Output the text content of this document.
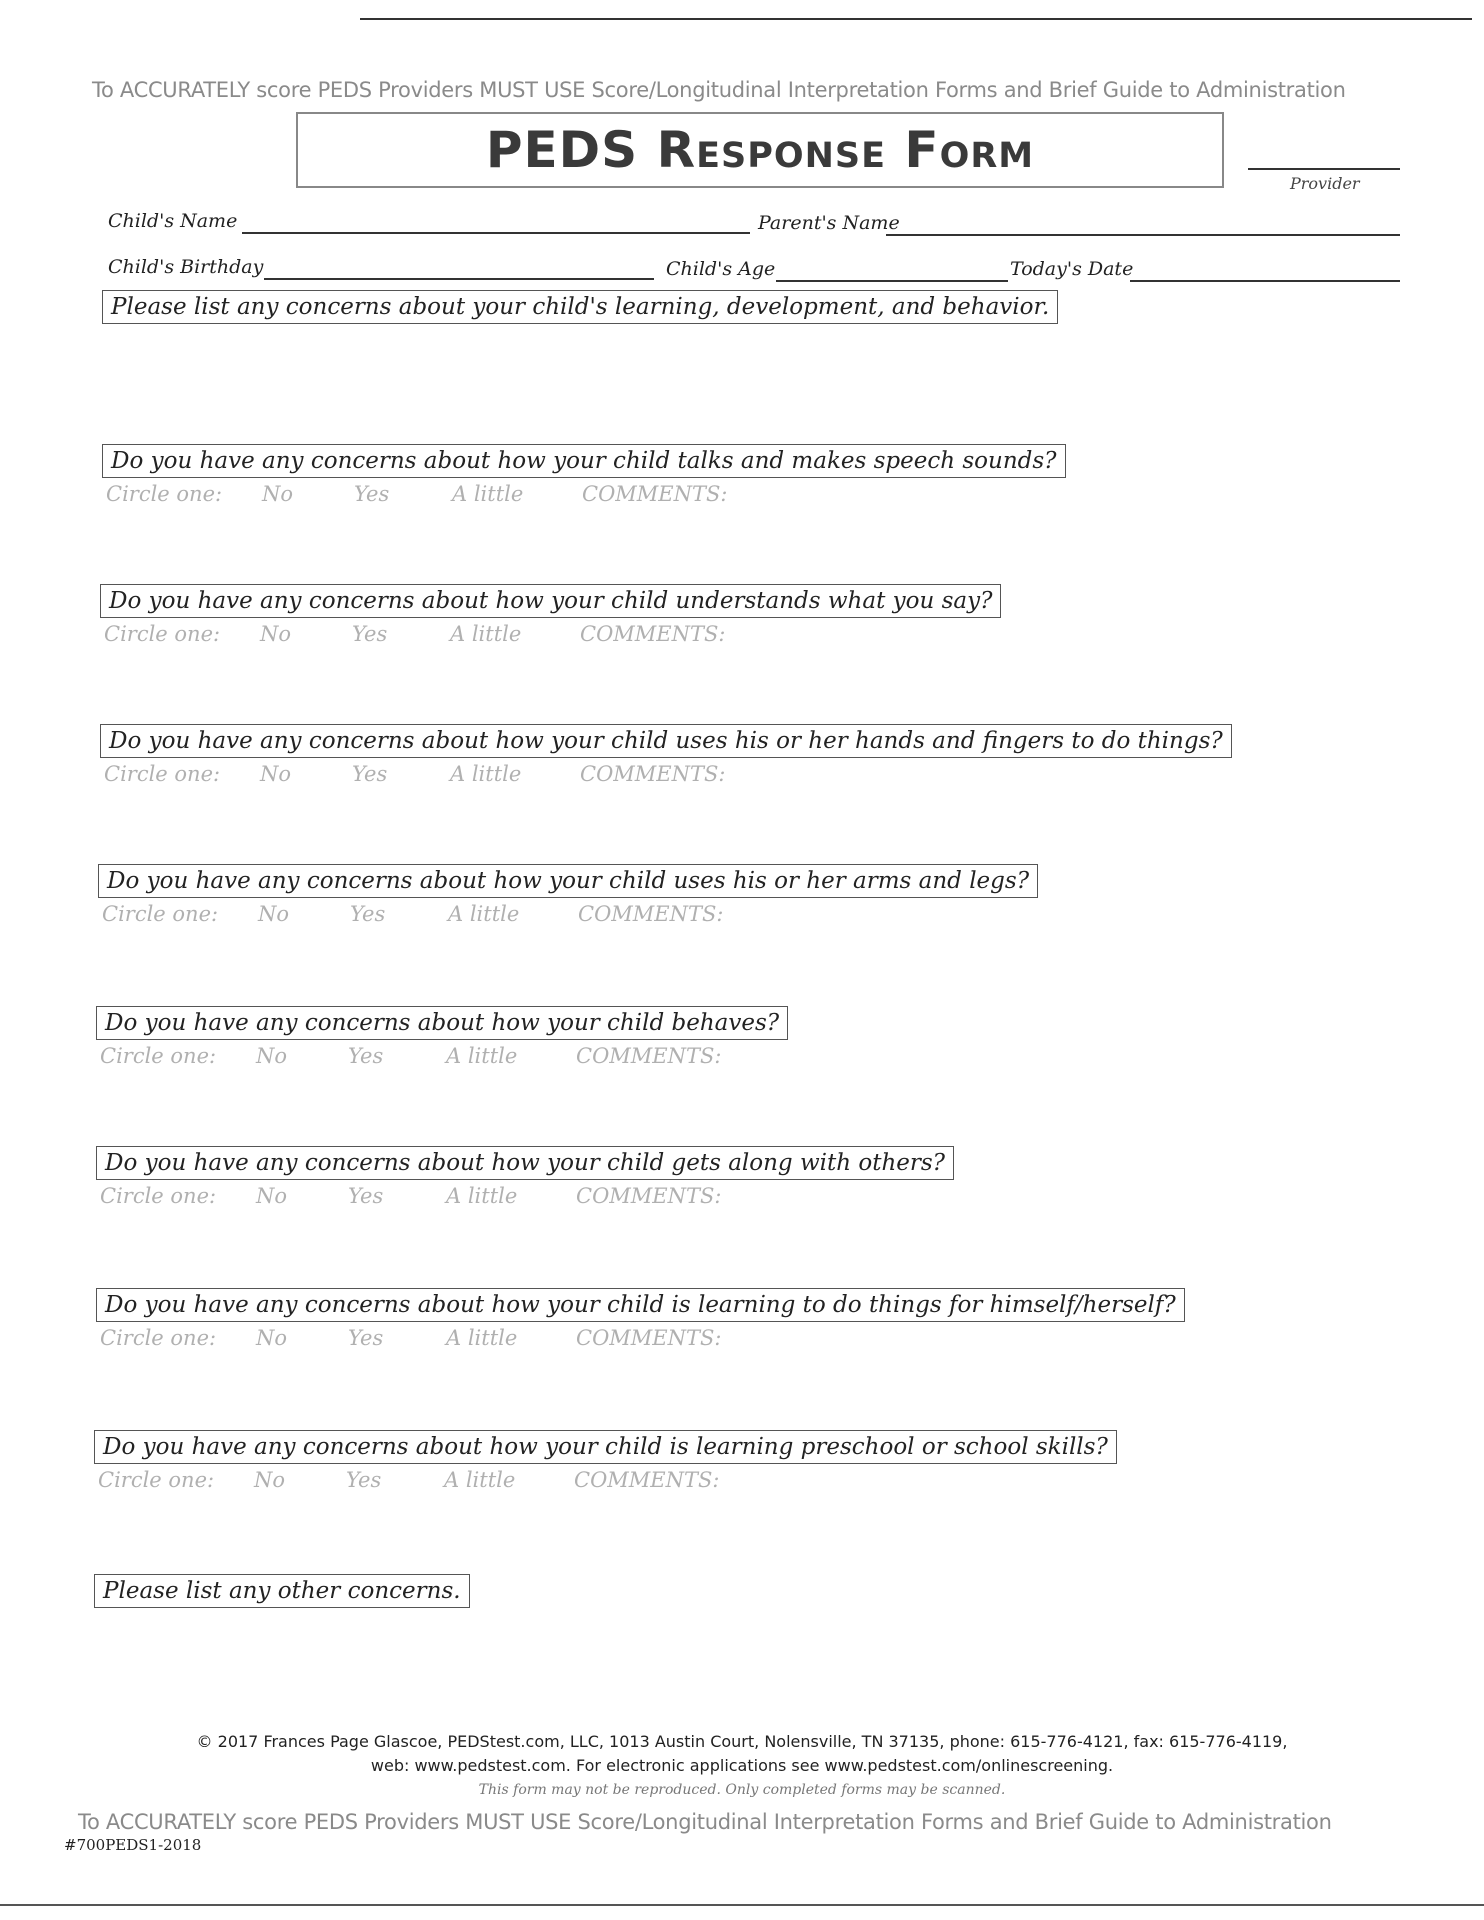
To ACCURATELY score PEDS Providers MUST USE Score/Longitudinal Interpretation Forms and Brief Guide to Administration
PEDS Response Form
Provider
Child's Name	Parent's Name
Child's Birthday	Child's Age	Today's Date
Please list any concerns about your child's learning, development, and behavior.
Do you have any concerns about how your child talks and makes speech sounds?
Circle one: No	Yes	A little	COMMENTS:
Do you have any concerns about how your child understands what you say?
Circle one: No	Yes	A little	COMMENTS:
Do you have any concerns about how your child uses his or her hands and fingers to do things?
Circle one: No	Yes	A little	COMMENTS:
Do you have any concerns about how your child uses his or her arms and legs?
Circle one: No	Yes	A little	COMMENTS:
Do you have any concerns about how your child behaves?
Circle one: No	Yes	A little	COMMENTS:
Do you have any concerns about how your child gets along with others?
Circle one: No	Yes	A little	COMMENTS:
Do you have any concerns about how your child is learning to do things for himself/herself?
Circle one: No	Yes	A little	COMMENTS:
Do you have any concerns about how your child is learning preschool or school skills?
Circle one: No	Yes	A little	COMMENTS:
Please list any other concerns.
© 2017 Frances Page Glascoe, PEDStest.com, LLC, 1013 Austin Court, Nolensville, TN 37135, phone: 615-776-4121, fax: 615-776-4119,
web: www.pedstest.com. For electronic applications see www.pedstest.com/onlinescreening.
This form may not be reproduced. Only completed forms may be scanned.
To ACCURATELY score PEDS Providers MUST USE Score/Longitudinal Interpretation Forms and Brief Guide to Administration
#700PEDS1-2018
